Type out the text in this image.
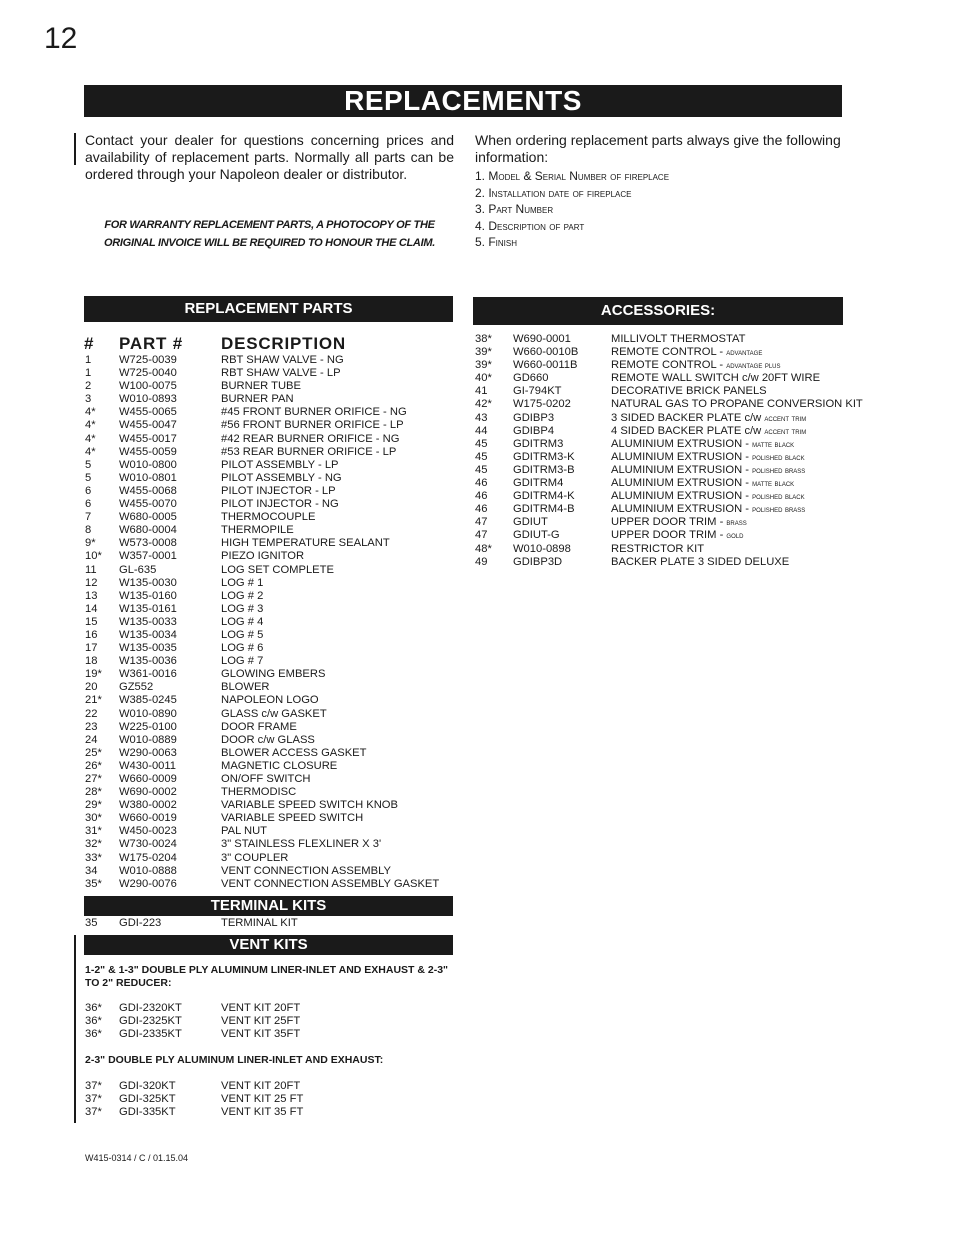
12
REPLACEMENTS
Contact your dealer for questions concerning prices and availability of replacement parts. Normally all parts can be ordered through your Napoleon dealer or distributor.
FOR WARRANTY REPLACEMENT PARTS, A PHOTOCOPY OF THE ORIGINAL INVOICE WILL BE REQUIRED TO HONOUR THE CLAIM.
When ordering replacement parts always give the following information:
1. Model & Serial Number of fireplace
2. Installation date of fireplace
3. Part Number
4. Description of part
5. Finish
REPLACEMENT PARTS
# PART # DESCRIPTION
1 W725-0039	RBT SHAW VALVE - NG
1 W725-0040	RBT SHAW VALVE - LP
2 W100-0075	BURNER TUBE
3 W010-0893	BURNER PAN
4* W455-0065	#45 FRONT BURNER ORIFICE - NG
4* W455-0047	#56 FRONT BURNER ORIFICE - LP
4* W455-0017	#42 REAR BURNER ORIFICE - NG
4* W455-0059	#53 REAR BURNER ORIFICE - LP
5 W010-0800	PILOT ASSEMBLY - LP
5 W010-0801	PILOT ASSEMBLY - NG
6 W455-0068	PILOT INJECTOR - LP
6 W455-0070	PILOT INJECTOR - NG
7 W680-0005	THERMOCOUPLE
8 W680-0004	THERMOPILE
9* W573-0008	HIGH TEMPERATURE SEALANT
10* W357-0001	PIEZO IGNITOR
11 GL-635	LOG SET COMPLETE
12 W135-0030	LOG # 1
13 W135-0160	LOG # 2
14 W135-0161	LOG # 3
15 W135-0033	LOG # 4
16 W135-0034	LOG # 5
17 W135-0035	LOG # 6
18 W135-0036	LOG # 7
19* W361-0016	GLOWING EMBERS
20 GZ552	BLOWER
21* W385-0245	NAPOLEON LOGO
22 W010-0890	GLASS c/w GASKET
23 W225-0100	DOOR FRAME
24 W010-0889	DOOR c/w GLASS
25* W290-0063	BLOWER ACCESS GASKET
26* W430-0011	MAGNETIC CLOSURE
27* W660-0009	ON/OFF SWITCH
28* W690-0002	THERMODISC
29* W380-0002	VARIABLE SPEED SWITCH KNOB
30* W660-0019	VARIABLE SPEED SWITCH
31* W450-0023	PAL NUT
32* W730-0024	3" STAINLESS FLEXLINER X 3'
33* W175-0204	3" COUPLER
34 W010-0888	VENT CONNECTION ASSEMBLY
35* W290-0076	VENT CONNECTION ASSEMBLY GASKET
TERMINAL KITS
35 GDI-223	TERMINAL KIT
VENT KITS
1-2" & 1-3" DOUBLE PLY ALUMINUM LINER-INLET AND EXHAUST & 2-3" TO 2" REDUCER:
36* GDI-2320KT	VENT KIT 20FT
36* GDI-2325KT	VENT KIT 25FT
36* GDI-2335KT	VENT KIT 35FT
2-3" DOUBLE PLY ALUMINUM LINER-INLET AND EXHAUST:
37* GDI-320KT	VENT KIT 20FT
37* GDI-325KT	VENT KIT 25 FT
37* GDI-335KT	VENT KIT 35 FT
ACCESSORIES:
38* W690-0001	MILLIVOLT THERMOSTAT
39* W660-0010B	REMOTE CONTROL - advantage
39* W660-0011B	REMOTE CONTROL - advantage plus
40* GD660	REMOTE WALL SWITCH c/w 20FT WIRE
41 GI-794KT	DECORATIVE BRICK PANELS
42* W175-0202	NATURAL GAS TO PROPANE CONVERSION KIT
43 GDIBP3	3 SIDED BACKER PLATE c/w accent trim
44 GDIBP4	4 SIDED BACKER PLATE c/w accent trim
45 GDITRM3	ALUMINIUM EXTRUSION - matte black
45 GDITRM3-K	ALUMINIUM EXTRUSION - polished black
45 GDITRM3-B	ALUMINIUM EXTRUSION - polished brass
46 GDITRM4	ALUMINIUM EXTRUSION - matte black
46 GDITRM4-K	ALUMINIUM EXTRUSION - polished black
46 GDITRM4-B	ALUMINIUM EXTRUSION - polished brass
47 GDIUT	UPPER DOOR TRIM - brass
47 GDIUT-G	UPPER DOOR TRIM - gold
48* W010-0898	RESTRICTOR KIT
49 GDIBP3D	BACKER PLATE 3 SIDED DELUXE
W415-0314 / C / 01.15.04
